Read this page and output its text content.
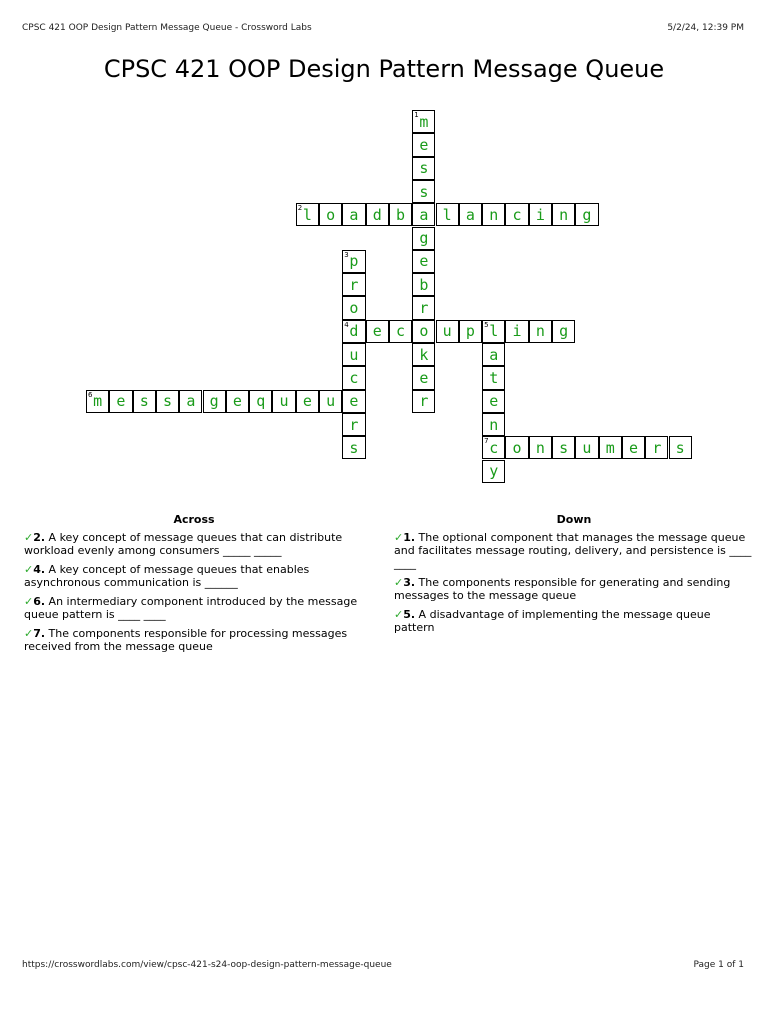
CPSC 421 OOP Design Pattern Message Queue - Crossword Labs	5/2/24, 12:39 PM
CPSC 421 OOP Design Pattern Message Queue
m
1
e
s
s
a
g
e
b
r
o
k
e
r
l
2 o a d b	l a n c i n g
p
3
r
o
d
4
u
c
e
r
s
e c	u p l
5 i n g
a
t
e
n
c
7
y
m
6 e s s a g e q u e u
o n s u m e r s
Across
✓2. A key concept of message queues that can distribute workload evenly among consumers _____ _____
✓4. A key concept of message queues that enables asynchronous communication is ______
✓6. An intermediary component introduced by the message queue pattern is ____ ____
✓7. The components responsible for processing messages received from the message queue
Down
✓1. The optional component that manages the message queue and facilitates message routing, delivery, and persistence is ____ ____
✓3. The components responsible for generating and sending messages to the message queue
✓5. A disadvantage of implementing the message queue pattern
https://crosswordlabs.com/view/cpsc-421-s24-oop-design-pattern-message-queue	Page 1 of 1
